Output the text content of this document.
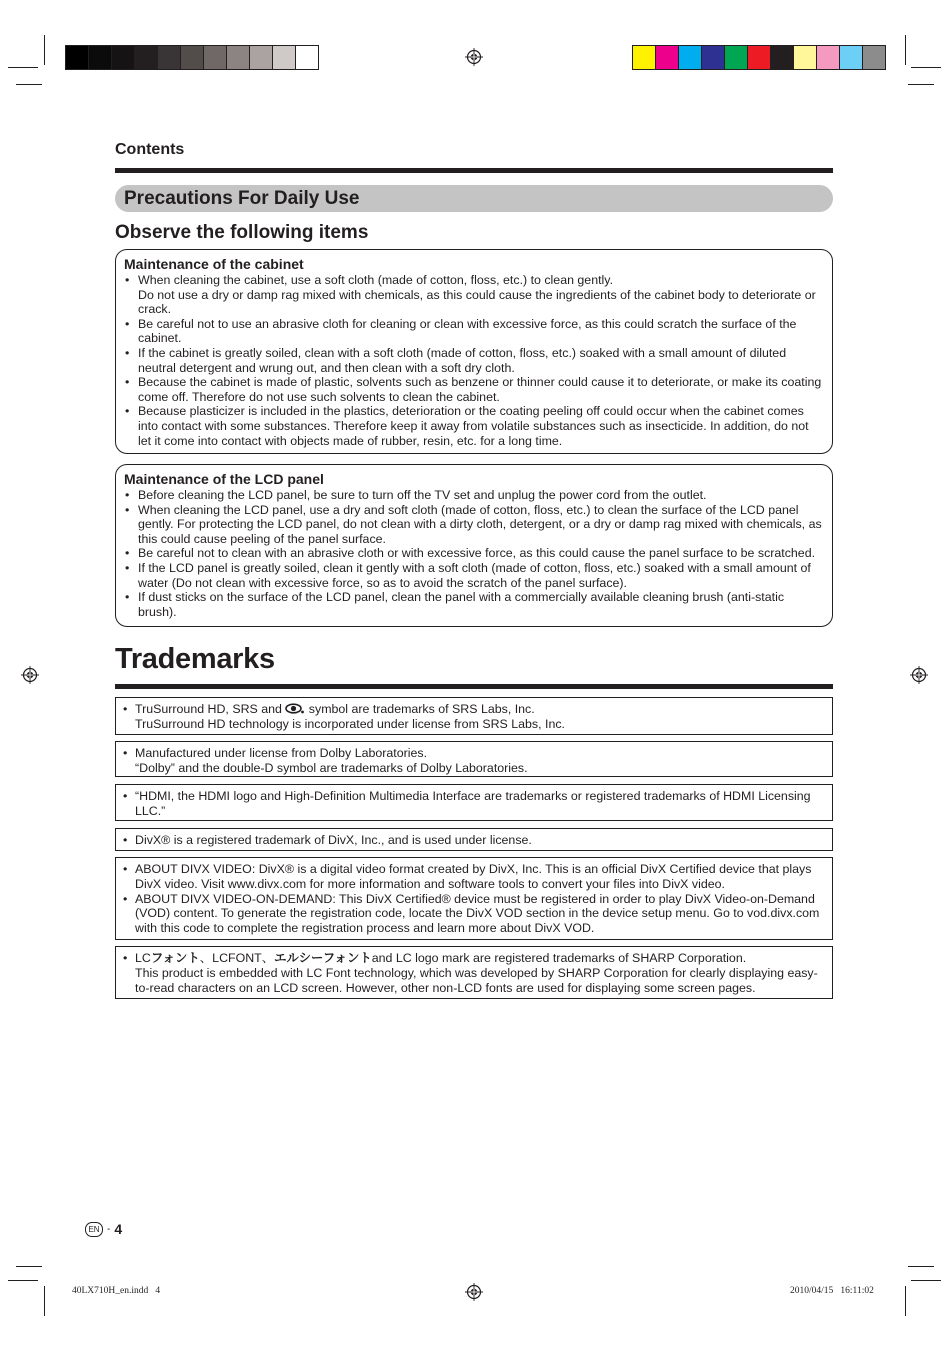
Contents
Precautions For Daily Use
Observe the following items
Maintenance of the cabinet
• When cleaning the cabinet, use a soft cloth (made of cotton, floss, etc.) to clean gently.
Do not use a dry or damp rag mixed with chemicals, as this could cause the ingredients of the cabinet body to deteriorate or crack.
• Be careful not to use an abrasive cloth for cleaning or clean with excessive force, as this could scratch the surface of the cabinet.
• If the cabinet is greatly soiled, clean with a soft cloth (made of cotton, floss, etc.) soaked with a small amount of diluted neutral detergent and wrung out, and then clean with a soft dry cloth.
• Because the cabinet is made of plastic, solvents such as benzene or thinner could cause it to deteriorate, or make its coating come off. Therefore do not use such solvents to clean the cabinet.
• Because plasticizer is included in the plastics, deterioration or the coating peeling off could occur when the cabinet comes into contact with some substances. Therefore keep it away from volatile substances such as insecticide. In addition, do not let it come into contact with objects made of rubber, resin, etc. for a long time.
Maintenance of the LCD panel
• Before cleaning the LCD panel, be sure to turn off the TV set and unplug the power cord from the outlet.
• When cleaning the LCD panel, use a dry and soft cloth (made of cotton, floss, etc.) to clean the surface of the LCD panel gently. For protecting the LCD panel, do not clean with a dirty cloth, detergent, or a dry or damp rag mixed with chemicals, as this could cause peeling of the panel surface.
• Be careful not to clean with an abrasive cloth or with excessive force, as this could cause the panel surface to be scratched.
• If the LCD panel is greatly soiled, clean it gently with a soft cloth (made of cotton, floss, etc.) soaked with a small amount of water (Do not clean with excessive force, so as to avoid the scratch of the panel surface).
• If dust sticks on the surface of the LCD panel, clean the panel with a commercially available cleaning brush (anti-static brush).
Trademarks
• TruSurround HD, SRS and  symbol are trademarks of SRS Labs, Inc.
TruSurround HD technology is incorporated under license from SRS Labs, Inc.
• Manufactured under license from Dolby Laboratories.
“Dolby” and the double-D symbol are trademarks of Dolby Laboratories.
• “HDMI, the HDMI logo and High-Definition Multimedia Interface are trademarks or registered trademarks of HDMI Licensing LLC.”
• DivX® is a registered trademark of DivX, Inc., and is used under license.
• ABOUT DIVX VIDEO: DivX® is a digital video format created by DivX, Inc. This is an official DivX Certified device that plays DivX video. Visit www.divx.com for more information and software tools to convert your files into DivX video.
• ABOUT DIVX VIDEO-ON-DEMAND: This DivX Certified® device must be registered in order to play DivX Video-on-Demand (VOD) content. To generate the registration code, locate the DivX VOD section in the device setup menu. Go to vod.divx.com with this code to complete the registration process and learn more about DivX VOD.
• LCフォント、LCFONT、エルシーフォントand LC logo mark are registered trademarks of SHARP Corporation.
This product is embedded with LC Font technology, which was developed by SHARP Corporation for clearly displaying easy-to-read characters on an LCD screen. However, other non-LCD fonts are used for displaying some screen pages.
EN - 4
40LX710H_en.indd   4	2010/04/15   16:11:02
